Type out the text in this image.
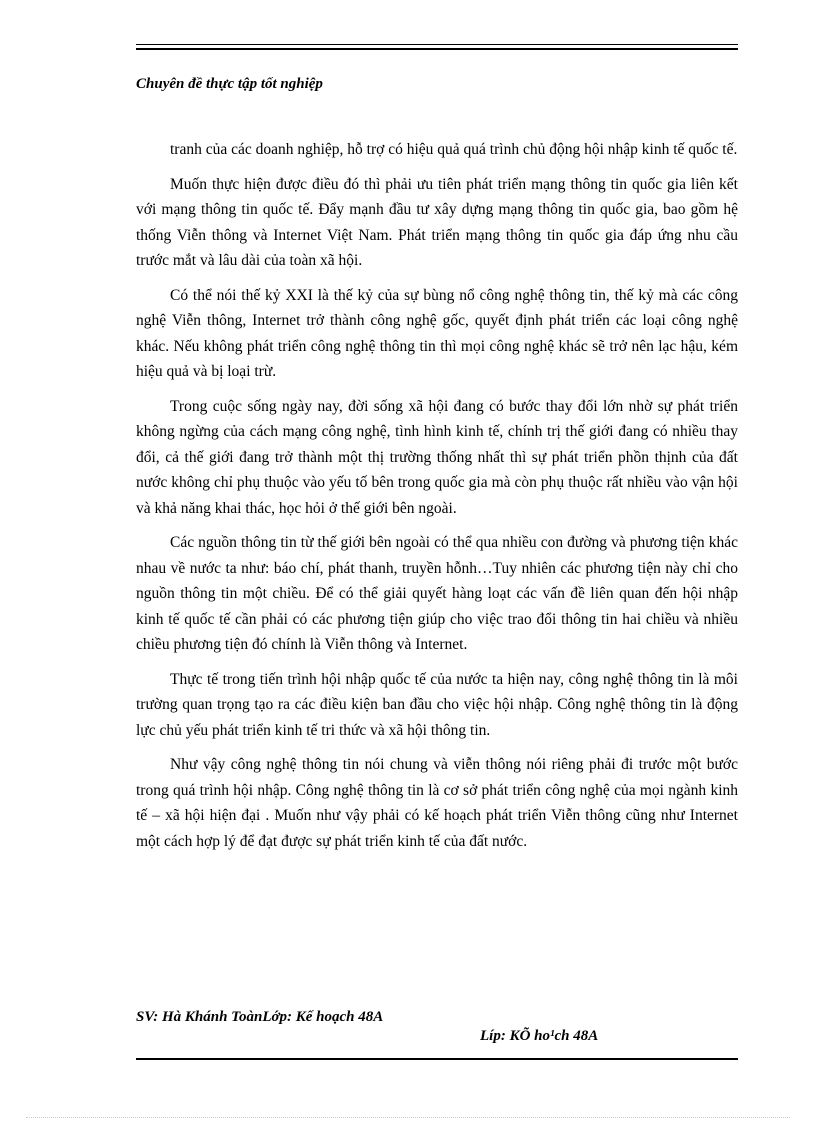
Chuyên đề thực tập tốt nghiệp

tranh của các doanh nghiệp, hỗ trợ có hiệu quả quá trình chủ động hội nhập kinh tế quốc tế.

Muốn thực hiện được điều đó thì phải ưu tiên phát triển mạng thông tin quốc gia liên kết với mạng thông tin quốc tế. Đẩy mạnh đầu tư xây dựng mạng thông tin quốc gia, bao gồm hệ thống Viễn thông và Internet Việt Nam. Phát triển mạng thông tin quốc gia đáp ứng nhu cầu trước mắt và lâu dài của toàn xã hội.

Có thể nói thế kỷ XXI là thế kỷ của sự bùng nổ công nghệ thông tin, thế kỷ mà các công nghệ Viễn thông, Internet trở thành công nghệ gốc, quyết định phát triển các loại công nghệ khác. Nếu không phát triển công nghệ thông tin thì mọi công nghệ khác sẽ trở nên lạc hậu, kém hiệu quả và bị loại trừ.

Trong cuộc sống ngày nay, đời sống xã hội đang có bước thay đổi lớn nhờ sự phát triển không ngừng của cách mạng công nghệ, tình hình kinh tế, chính trị thế giới đang có nhiều thay đổi, cả thế giới đang trở thành một thị trường thống nhất thì sự phát triển phồn thịnh của đất nước không chỉ phụ thuộc vào yếu tố bên trong quốc gia mà còn phụ thuộc rất nhiều vào vận hội và khả năng khai thác, học hỏi ở thế giới bên ngoài.

Các nguồn thông tin từ thế giới bên ngoài có thể qua nhiều con đường và phương tiện khác nhau về nước ta như: báo chí, phát thanh, truyền hỗnh…Tuy nhiên các phương tiện này chỉ cho nguồn thông tin một chiều. Để có thể giải quyết hàng loạt các vấn đề liên quan đến hội nhập kinh tế quốc tế cần phải có các phương tiện giúp cho việc trao đổi thông tin hai chiều và nhiều chiều phương tiện đó chính là Viễn thông và Internet.

Thực tế trong tiến trình hội nhập quốc tế của nước ta hiện nay, công nghệ thông tin là môi trường quan trọng tạo ra các điều kiện ban đầu cho việc hội nhập. Công nghệ thông tin là động lực chủ yếu phát triển kinh tế tri thức và xã hội thông tin.

Như vậy công nghệ thông tin nói chung và viễn thông nói riêng phải đi trước một bước trong quá trình hội nhập. Công nghệ thông tin là cơ sở phát triển công nghệ của mọi ngành kinh tế – xã hội hiện đại . Muốn như vậy phải có kế hoạch phát triển Viễn thông cũng như Internet một cách hợp lý để đạt được sự phát triển kinh tế của đất nước.

SV: Hà Khánh ToànLớp: Kế hoạch 48A
Líp: KÕ ho¹ch 48A
